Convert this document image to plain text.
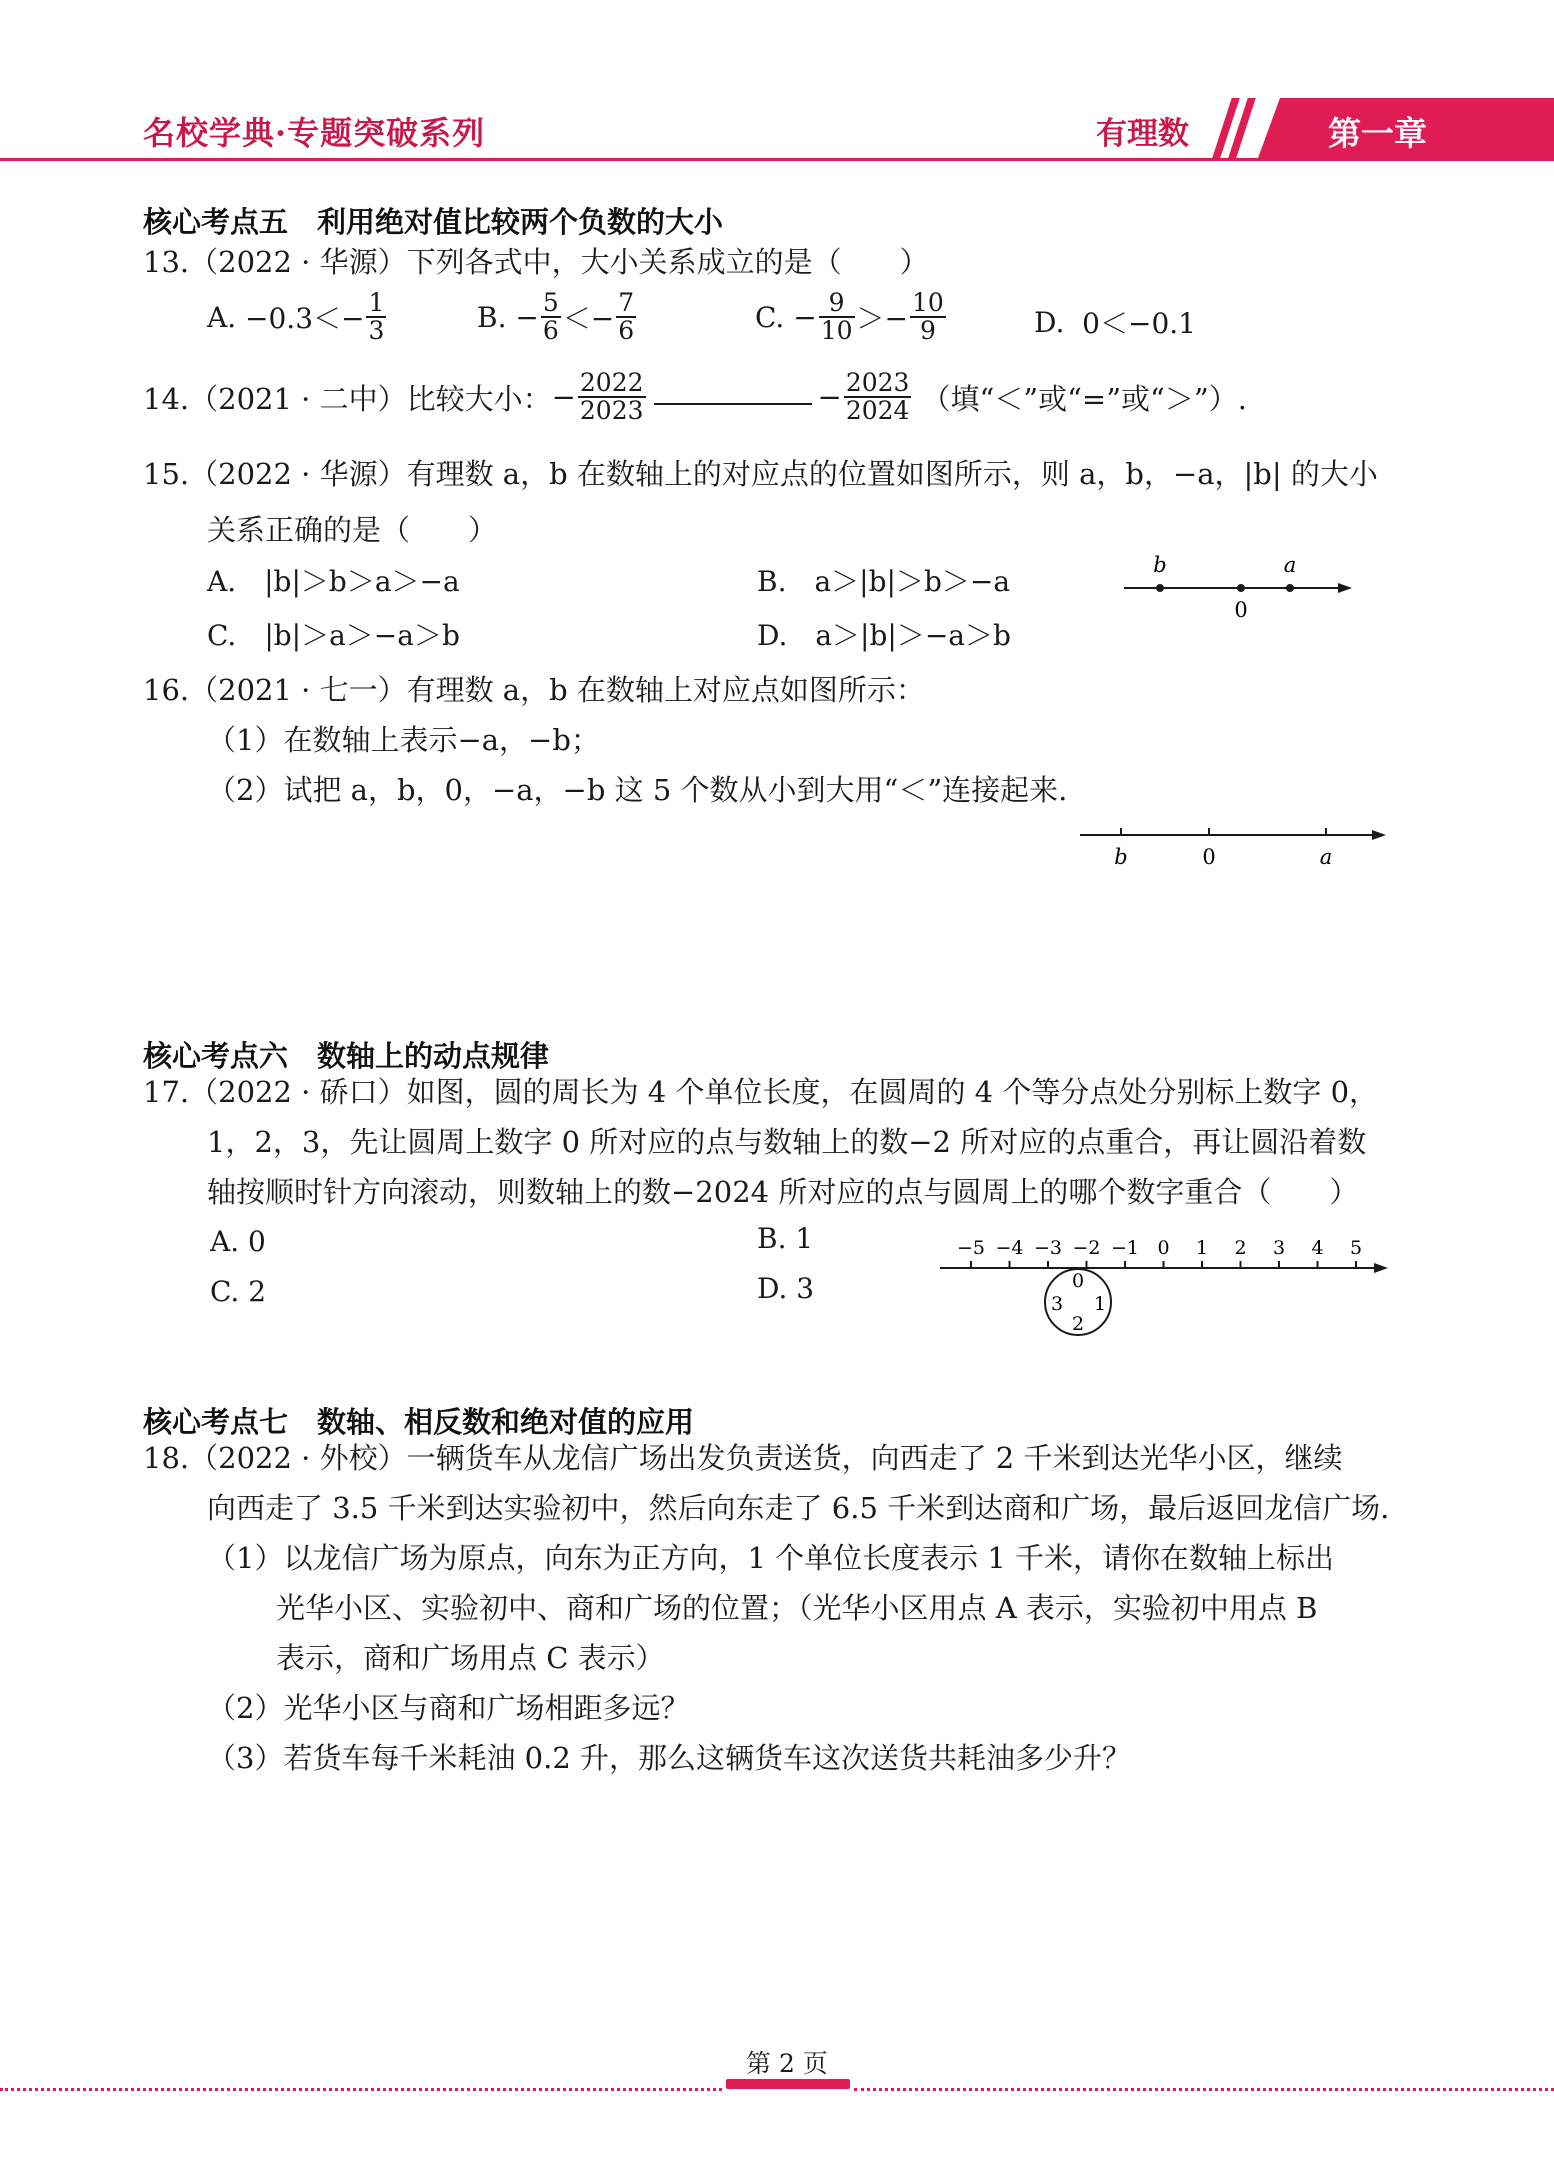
名校学典·专题突破系列	有理数	第一章
核心考点五　利用绝对值比较两个负数的大小
13.（2022 · 华源）下列各式中，大小关系成立的是（　　）
A.
$-0.3<- \frac{1}{3}$	B.
− $\frac{5}{6} <- \frac{7}{6}$	C.
− $\frac{9}{10} >- \frac{10}{9}$	D.
0＜−0.1
14.（2021 · 二中）比较大小： − $\frac{2022}{2023}$	− $\frac{2023}{2024}$ （填“＜”或“=”或“＞”）.
15.（2022 · 华源）有理数 a，b 在数轴上的对应点的位置如图所示，则 a，b，−a，|b| 的大小
关系正确的是（　　）
A.　|b|＞b＞a＞−a	B.　a＞|b|＞b＞−a
C.　|b|＞a＞−a＞b	D.　a＞|b|＞−a＞b
b
0
a
16.（2021 · 七一）有理数 a，b 在数轴上对应点如图所示：
（1）在数轴上表示−a，−b；
（2）试把 a，b，0，−a，−b 这 5 个数从小到大用“＜”连接起来.
b	0	a
核心考点六　数轴上的动点规律
17.（2022 · 硚口）如图，圆的周长为 4 个单位长度，在圆周的 4 个等分点处分别标上数字 0，
1，2，3，先让圆周上数字 0 所对应的点与数轴上的数−2 所对应的点重合，再让圆沿着数
轴按顺时针方向滚动，则数轴上的数−2024 所对应的点与圆周上的哪个数字重合（　　）
A. 0	B. 1
C. 2	D. 3
−5 −4 −3 −2 −1 0 1 2 3 4 5
0
1
2
3
核心考点七　数轴、相反数和绝对值的应用
18.（2022 · 外校）一辆货车从龙信广场出发负责送货，向西走了 2 千米到达光华小区，继续
向西走了 3.5 千米到达实验初中，然后向东走了 6.5 千米到达商和广场，最后返回龙信广场.
（1）以龙信广场为原点，向东为正方向，1 个单位长度表示 1 千米，请你在数轴上标出
光华小区、实验初中、商和广场的位置；（光华小区用点 A 表示，实验初中用点 B
表示，商和广场用点 C 表示）
（2）光华小区与商和广场相距多远？
（3）若货车每千米耗油 0.2 升，那么这辆货车这次送货共耗油多少升？
第 2 页
